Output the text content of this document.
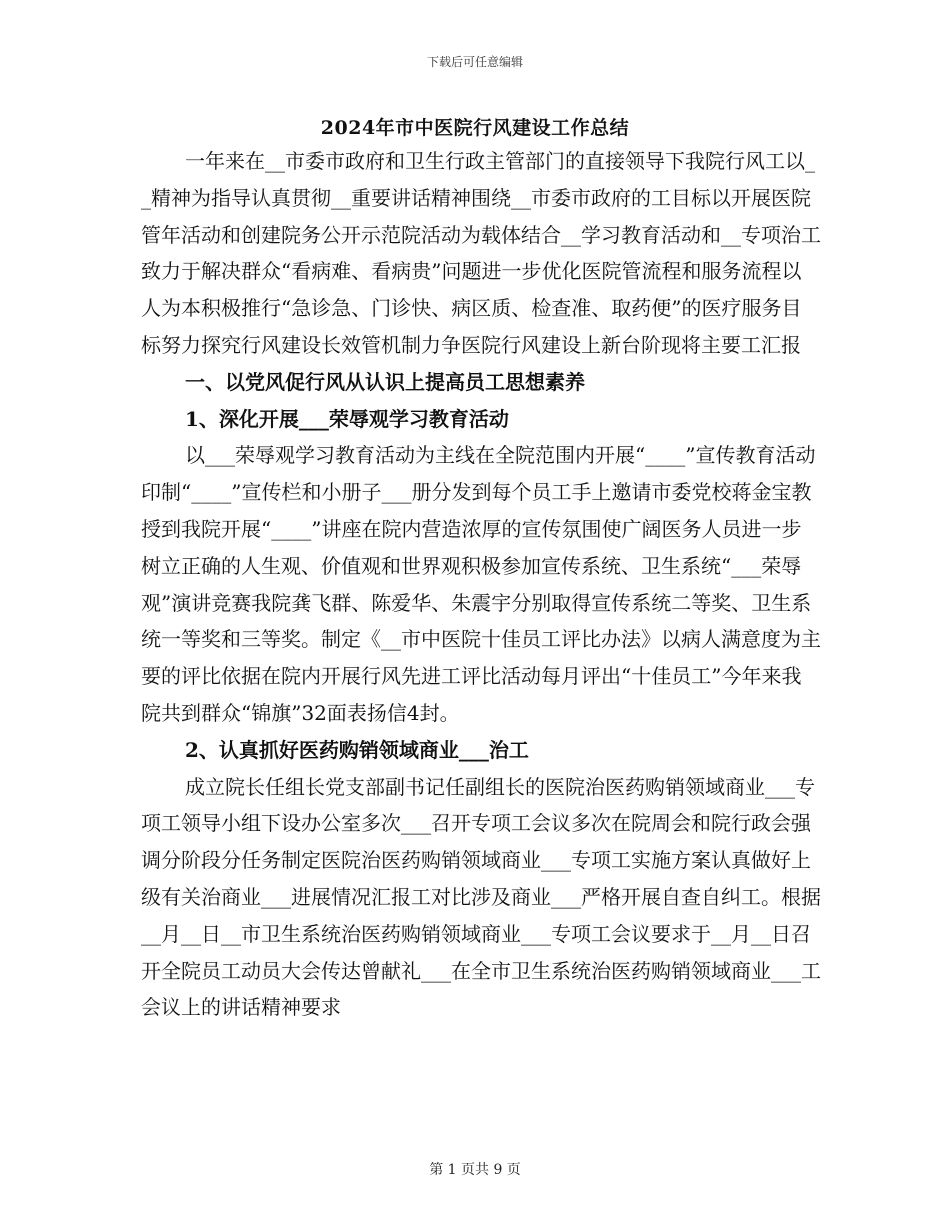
下载后可任意编辑
2024年市中医院行风建设工作总结

一年来在__市委市政府和卫生行政主管部门的直接领导下我院行风工以__精神为指导认真贯彻__重要讲话精神围绕__市委市政府的工目标以开展医院管年活动和创建院务公开示范院活动为载体结合__学习教育活动和__专项治工致力于解决群众“看病难、看病贵”问题进一步优化医院管流程和服务流程以人为本积极推行“急诊急、门诊快、病区质、检查准、取药便”的医疗服务目标努力探究行风建设长效管机制力争医院行风建设上新台阶现将主要工汇报

一、以党风促行风从认识上提高员工思想素养

1、深化开展___荣辱观学习教育活动

以___荣辱观学习教育活动为主线在全院范围内开展“____”宣传教育活动印制“____”宣传栏和小册子___册分发到每个员工手上邀请市委党校蒋金宝教授到我院开展“____”讲座在院内营造浓厚的宣传氛围使广阔医务人员进一步树立正确的人生观、价值观和世界观积极参加宣传系统、卫生系统“___荣辱观”演讲竞赛我院龚飞群、陈爱华、朱震宇分别取得宣传系统二等奖、卫生系统一等奖和三等奖。制定《__市中医院十佳员工评比办法》以病人满意度为主要的评比依据在院内开展行风先进工评比活动每月评出“十佳员工”今年来我院共到群众“锦旗”32面表扬信4封。

2、认真抓好医药购销领域商业___治工

成立院长任组长党支部副书记任副组长的医院治医药购销领域商业___专项工领导小组下设办公室多次___召开专项工会议多次在院周会和院行政会强调分阶段分任务制定医院治医药购销领域商业___专项工实施方案认真做好上级有关治商业___进展情况汇报工对比涉及商业___严格开展自查自纠工。根据__月__日__市卫生系统治医药购销领域商业___专项工会议要求于__月__日召开全院员工动员大会传达曾献礼___在全市卫生系统治医药购销领域商业___工会议上的讲话精神要求

第 1 页共 9 页
